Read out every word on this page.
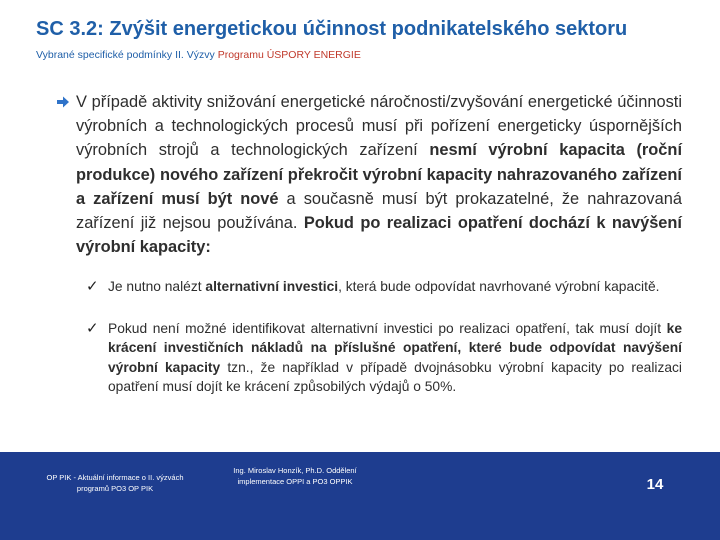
SC 3.2: Zvýšit energetickou účinnost podnikatelského sektoru
Vybrané specifické podmínky II. Výzvy Programu ÚSPORY ENERGIE

V případě aktivity snižování energetické náročnosti/zvyšování energetické účinnosti výrobních a technologických procesů musí při pořízení energeticky úspornějších výrobních strojů a technologických zařízení nesmí výrobní kapacita (roční produkce) nového zařízení překročit výrobní kapacity nahrazovaného zařízení a zařízení musí být nové a současně musí být prokazatelné, že nahrazovaná zařízení již nejsou používána. Pokud po realizaci opatření dochází k navýšení výrobní kapacity:

✓ Je nutno nalézt alternativní investici, která bude odpovídat navrhované výrobní kapacitě.
✓ Pokud není možné identifikovat alternativní investici po realizaci opatření, tak musí dojít ke krácení investičních nákladů na příslušné opatření, které bude odpovídat navýšení výrobní kapacity tzn., že například v případě dvojnásobku výrobní kapacity po realizaci opatření musí dojít ke krácení způsobilých výdajů o 50%.
OP PIK - Aktuální informace o II. výzvách programů PO3 OP PIK
Ing. Miroslav Honzík, Ph.D. Oddělení implementace OPPI a PO3 OPPIK	14
